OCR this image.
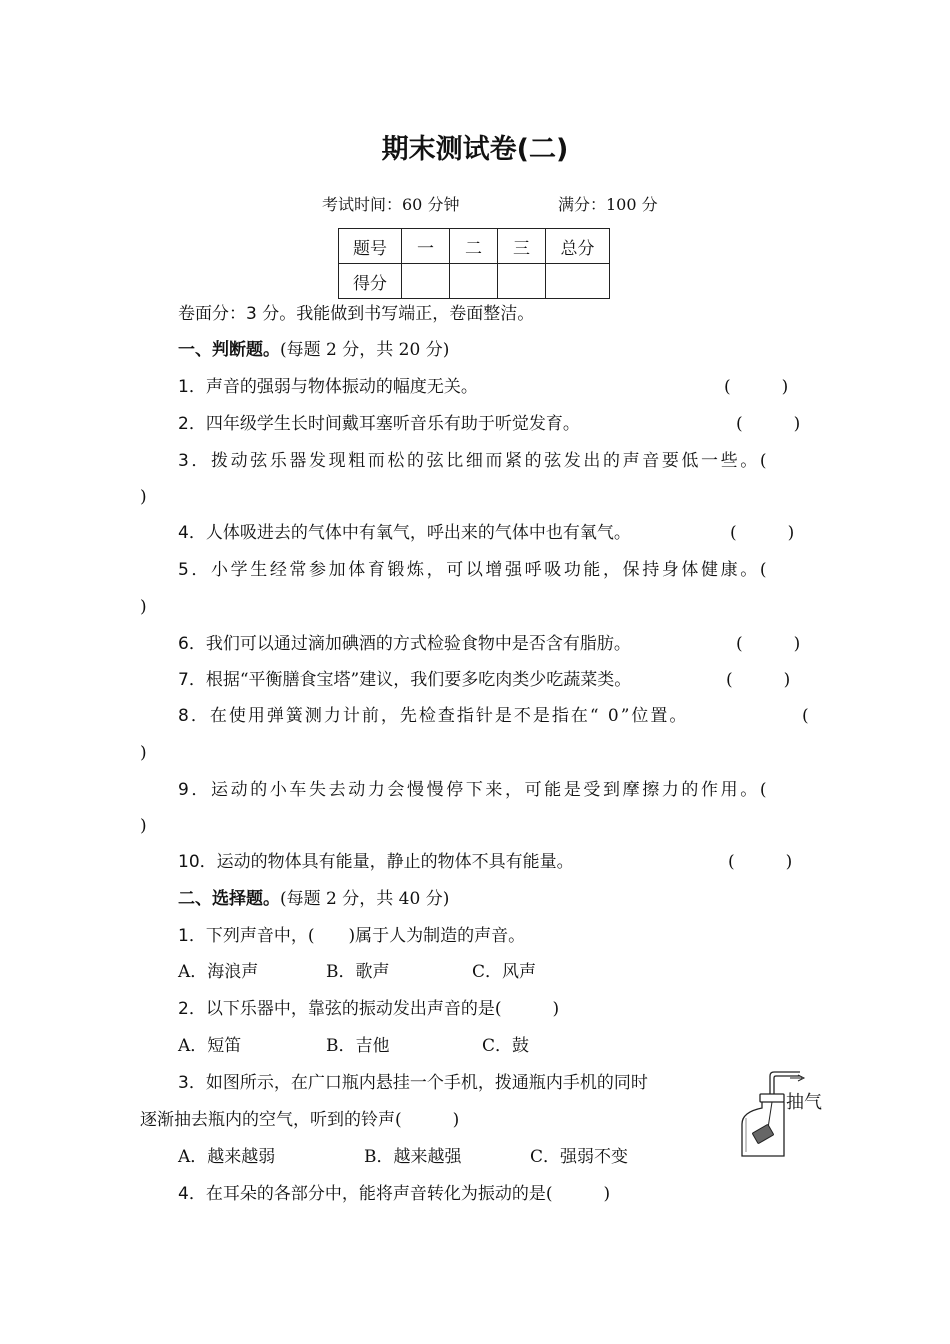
期末测试卷(二)
考试时间：60 分钟	满分：100 分
题号	一	二	三	总分
得分				
卷面分：3 分。我能做到书写端正，卷面整洁。
一、判断题。(每题 2 分，共 20 分)
1．声音的强弱与物体振动的幅度无关。	(　　　)
2．四年级学生长时间戴耳塞听音乐有助于听觉发育。	(　　　)
3．拨动弦乐器发现粗而松的弦比细而紧的弦发出的声音要低一些。(
)
4．人体吸进去的气体中有氧气，呼出来的气体中也有氧气。	(　　　)
5．小学生经常参加体育锻炼，可以增强呼吸功能，保持身体健康。(
)
6．我们可以通过滴加碘酒的方式检验食物中是否含有脂肪。	(　　　)
7．根据“平衡膳食宝塔”建议，我们要多吃肉类少吃蔬菜类。	(　　　)
8．在使用弹簧测力计前，先检查指针是不是指在“ 0”位置。	(
)
9．运动的小车失去动力会慢慢停下来，可能是受到摩擦力的作用。(
)
10．运动的物体具有能量，静止的物体不具有能量。	(　　　)
二、选择题。(每题 2 分，共 40 分)
1．下列声音中，(　　)属于人为制造的声音。
A．海浪声	B．歌声	C．风声
2．以下乐器中，靠弦的振动发出声音的是(　　　)
A．短笛	B．吉他	C．鼓
3．如图所示，在广口瓶内悬挂一个手机，拨通瓶内手机的同时
逐渐抽去瓶内的空气，听到的铃声(　　　)
A．越来越弱	B．越来越强	C．强弱不变
抽气
4．在耳朵的各部分中，能将声音转化为振动的是(　　　)
